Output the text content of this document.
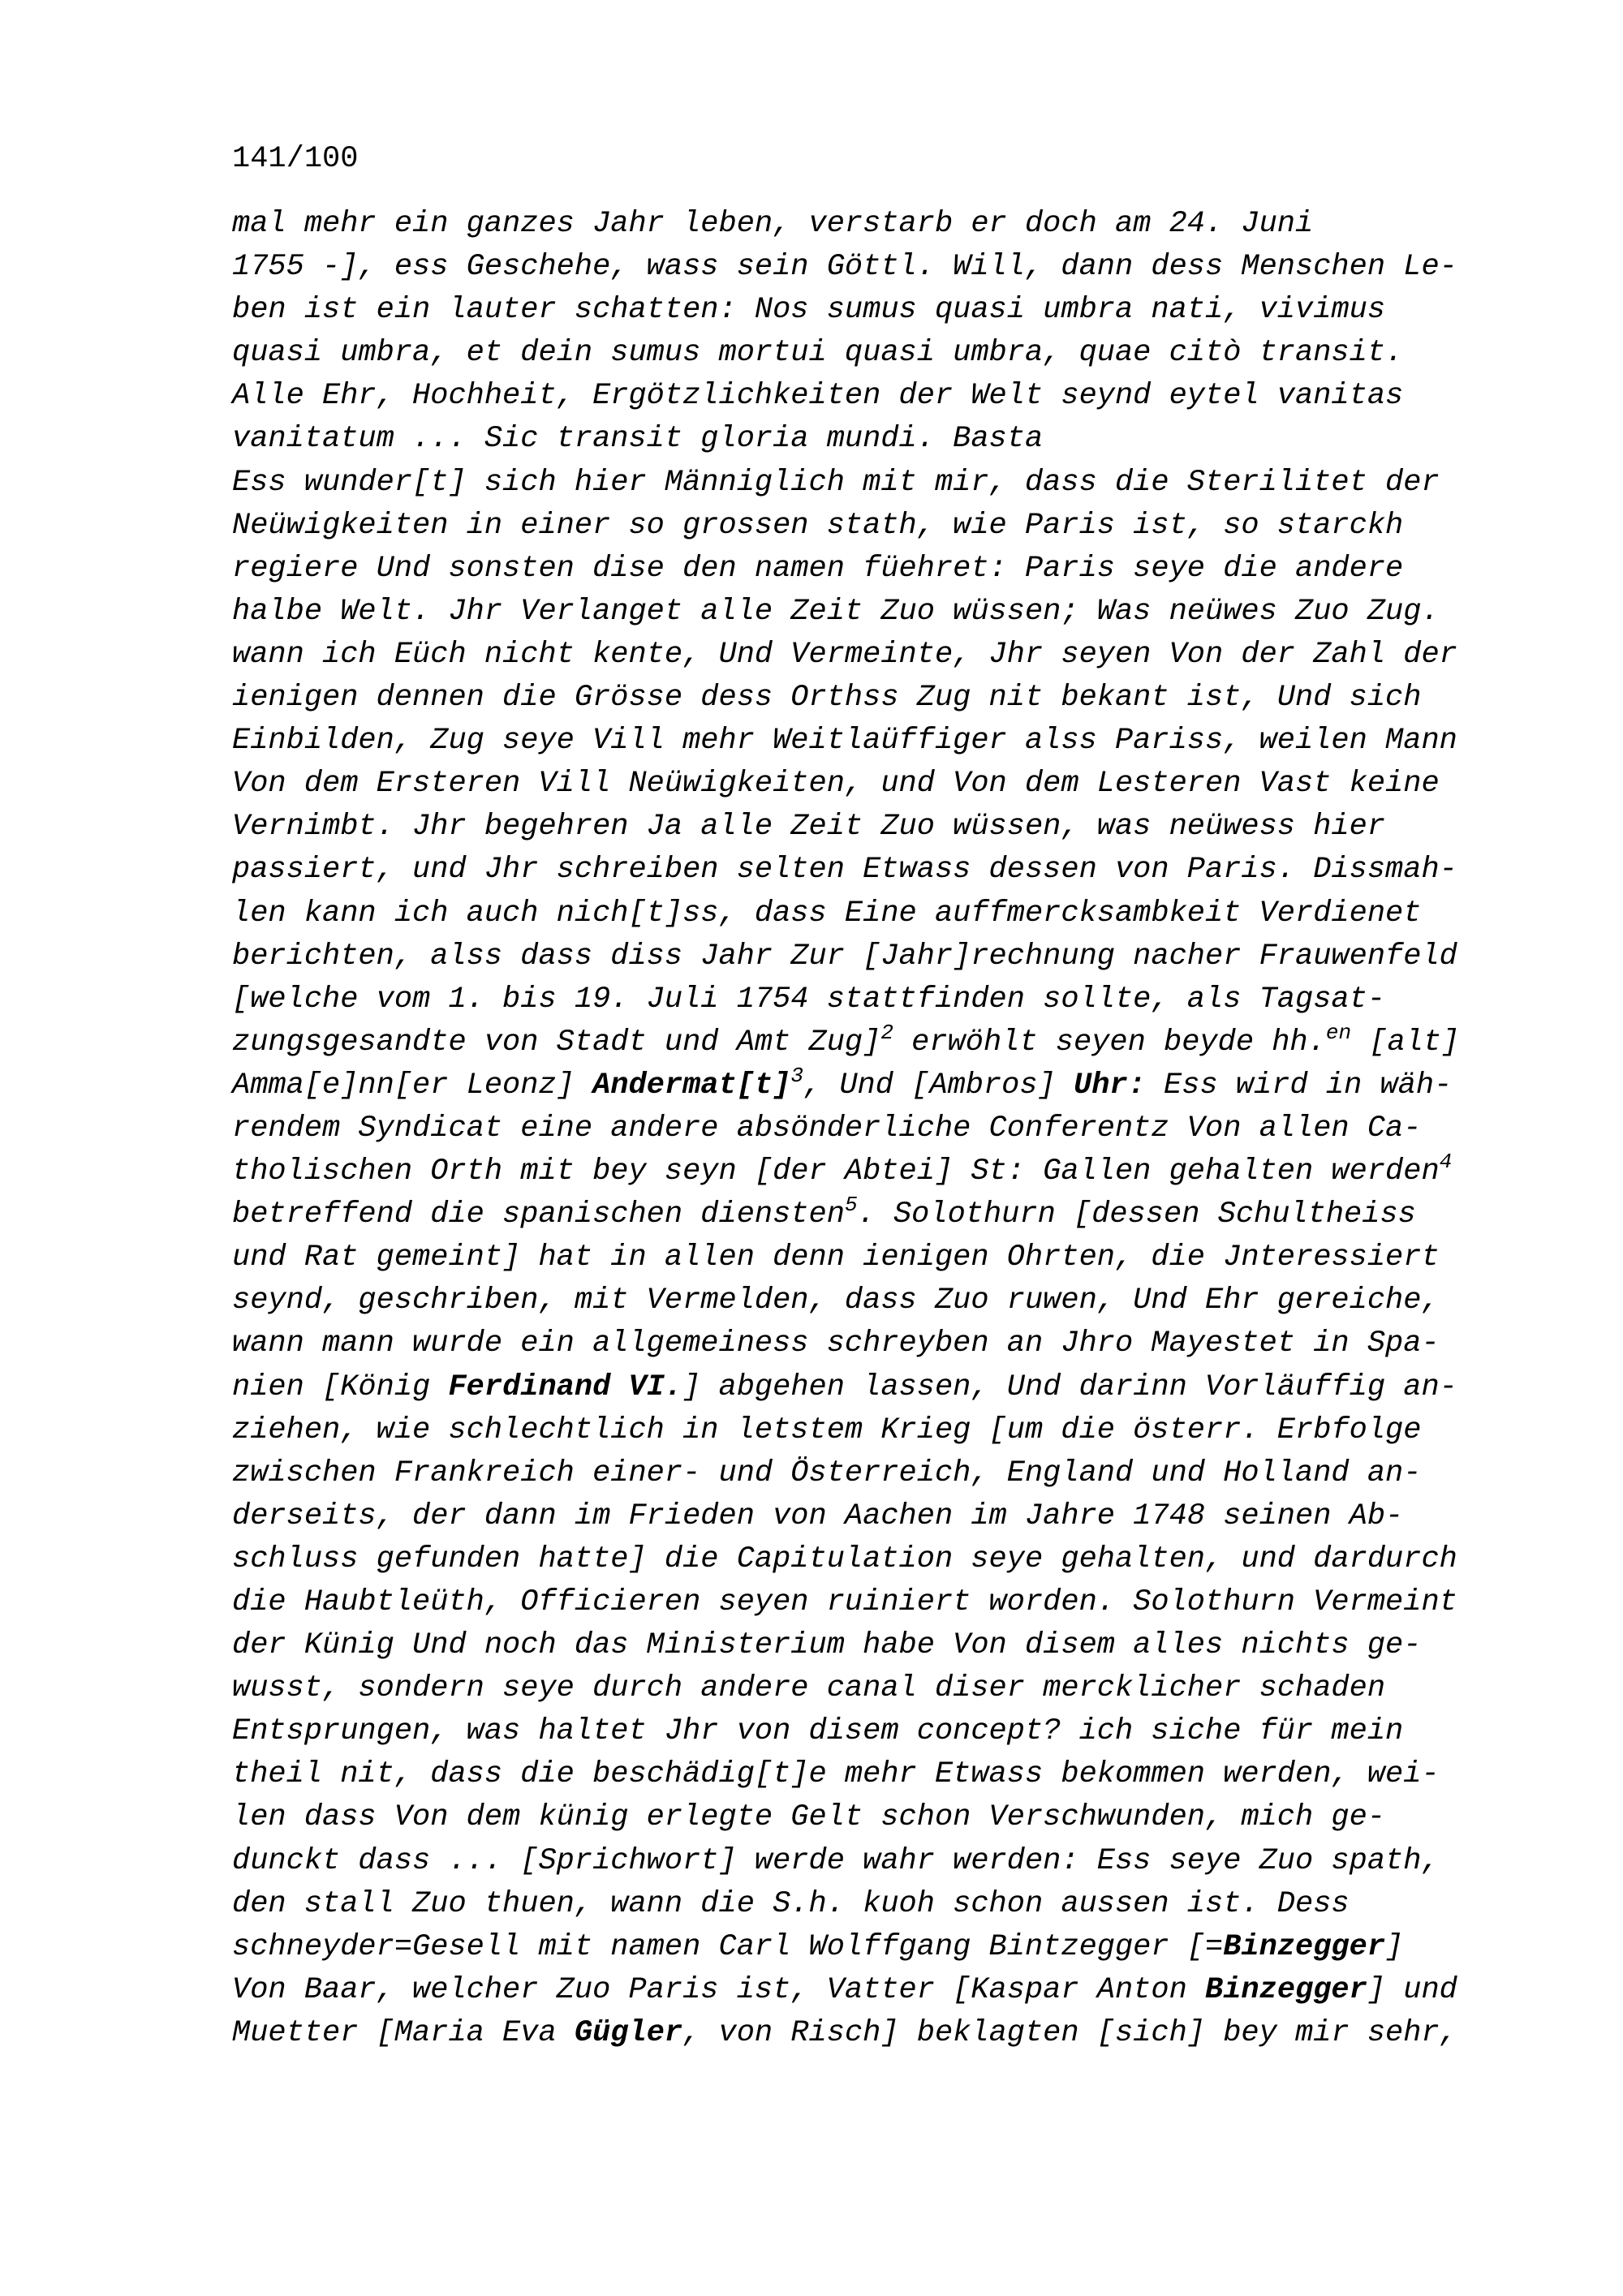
141/100
mal mehr ein ganzes Jahr leben, verstarb er doch am 24. Juni
1755 -], ess Geschehe, wass sein Göttl. Will, dann dess Menschen Le-
ben ist ein lauter schatten: Nos sumus quasi umbra nati, vivimus
quasi umbra, et dein sumus mortui quasi umbra, quae citò transit.
Alle Ehr, Hochheit, Ergötzlichkeiten der Welt seynd eytel vanitas
vanitatum ... Sic transit gloria mundi. Basta
Ess wunder[t] sich hier Männiglich mit mir, dass die Sterilitet der
Neüwigkeiten in einer so grossen stath, wie Paris ist, so starckh
regiere Und sonsten dise den namen füehret: Paris seye die andere
halbe Welt. Jhr Verlanget alle Zeit Zuo wüssen; Was neüwes Zuo Zug.
wann ich Eüch nicht kente, Und Vermeinte, Jhr seyen Von der Zahl der
ienigen dennen die Grösse dess Orthss Zug nit bekant ist, Und sich
Einbilden, Zug seye Vill mehr Weitlaüffiger alss Pariss, weilen Mann
Von dem Ersteren Vill Neüwigkeiten, und Von dem Lesteren Vast keine
Vernimbt. Jhr begehren Ja alle Zeit Zuo wüssen, was neüwess hier
passiert, und Jhr schreiben selten Etwass dessen von Paris. Dissmah-
len kann ich auch nich[t]ss, dass Eine auffmercksambkeit Verdienet
berichten, alss dass diss Jahr Zur [Jahr]rechnung nacher Frauwenfeld
[welche vom 1. bis 19. Juli 1754 stattfinden sollte, als Tagsat-
zungsgesandte von Stadt und Amt Zug]$^2$ erwöhlt seyen beyde hh.$^{en}$ [alt]
Amma[e]nn[er Leonz] $Andermat[t]^3$, Und [Ambros] Uhr: Ess wird in wäh-
rendem Syndicat eine andere absönderliche Conferentz Von allen Ca-
tholischen Orth mit bey seyn [der Abtei] St: Gallen gehalten werden$^4$
betreffend die spanischen diensten$^5$. Solothurn [dessen Schultheiss
und Rat gemeint] hat in allen denn ienigen Ohrten, die Jnteressiert
seynd, geschriben, mit Vermelden, dass Zuo ruwen, Und Ehr gereiche,
wann mann wurde ein allgemeiness schreyben an Jhro Mayestet in Spa-
nien [König Ferdinand VI.] abgehen lassen, Und darinn Vorläuffig an-
ziehen, wie schlechtlich in letstem Krieg [um die österr. Erbfolge
zwischen Frankreich einer- und Österreich, England und Holland an-
derseits, der dann im Frieden von Aachen im Jahre 1748 seinen Ab-
schluss gefunden hatte] die Capitulation seye gehalten, und dardurch
die Haubtleüth, Officieren seyen ruiniert worden. Solothurn Vermeint
der Künig Und noch das Ministerium habe Von disem alles nichts ge-
wusst, sondern seye durch andere canal diser mercklicher schaden
Entsprungen, was haltet Jhr von disem concept? ich siche für mein
theil nit, dass die beschädig[t]e mehr Etwass bekommen werden, wei-
len dass Von dem künig erlegte Gelt schon Verschwunden, mich ge-
dunckt dass ... [Sprichwort] werde wahr werden: Ess seye Zuo spath,
den stall Zuo thuen, wann die S.h. kuoh schon aussen ist. Dess
schneyder=Gesell mit namen Carl Wolffgang Bintzegger [=Binzegger]
Von Baar, welcher Zuo Paris ist, Vatter [Kaspar Anton Binzegger] und
Muetter [Maria Eva Gügler, von Risch] beklagten [sich] bey mir sehr,
